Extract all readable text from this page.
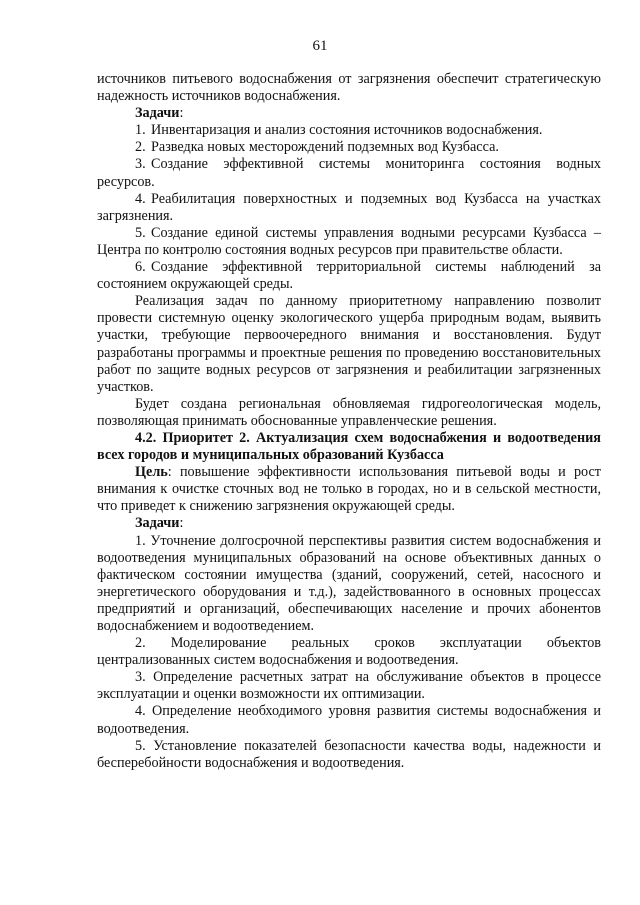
61

источников питьевого водоснабжения от загрязнения обеспечит стратегическую надежность источников водоснабжения.

Задачи:

1. Инвентаризация и анализ состояния источников водоснабжения.

2. Разведка новых месторождений подземных вод Кузбасса.

3. Создание эффективной системы мониторинга состояния водных ресурсов.

4. Реабилитация поверхностных и подземных вод Кузбасса на участках загрязнения.

5. Создание единой системы управления водными ресурсами Кузбасса – Центра по контролю состояния водных ресурсов при правительстве области.

6. Создание эффективной территориальной системы наблюдений за состоянием окружающей среды.

Реализация задач по данному приоритетному направлению позволит провести системную оценку экологического ущерба природным водам, выявить участки, требующие первоочередного внимания и восстановления. Будут разработаны программы и проектные решения по проведению восстановительных работ по защите водных ресурсов от загрязнения и реабилитации загрязненных участков.

Будет создана региональная обновляемая гидрогеологическая модель, позволяющая принимать обоснованные управленческие решения.

4.2. Приоритет 2. Актуализация схем водоснабжения и водоотведения всех городов и муниципальных образований Кузбасса

Цель: повышение эффективности использования питьевой воды и рост внимания к очистке сточных вод не только в городах, но и в сельской местности, что приведет к снижению загрязнения окружающей среды.

Задачи:

1. Уточнение долгосрочной перспективы развития систем водоснабжения и водоотведения муниципальных образований на основе объективных данных о фактическом состоянии имущества (зданий, сооружений, сетей, насосного и энергетического оборудования и т.д.), задействованного в основных процессах предприятий и организаций, обеспечивающих население и прочих абонентов водоснабжением и водоотведением.

2. Моделирование реальных сроков эксплуатации объектов централизованных систем водоснабжения и водоотведения.

3. Определение расчетных затрат на обслуживание объектов в процессе эксплуатации и оценки возможности их оптимизации.

4. Определение необходимого уровня развития системы водоснабжения и водоотведения.

5. Установление показателей безопасности качества воды, надежности и бесперебойности водоснабжения и водоотведения.
